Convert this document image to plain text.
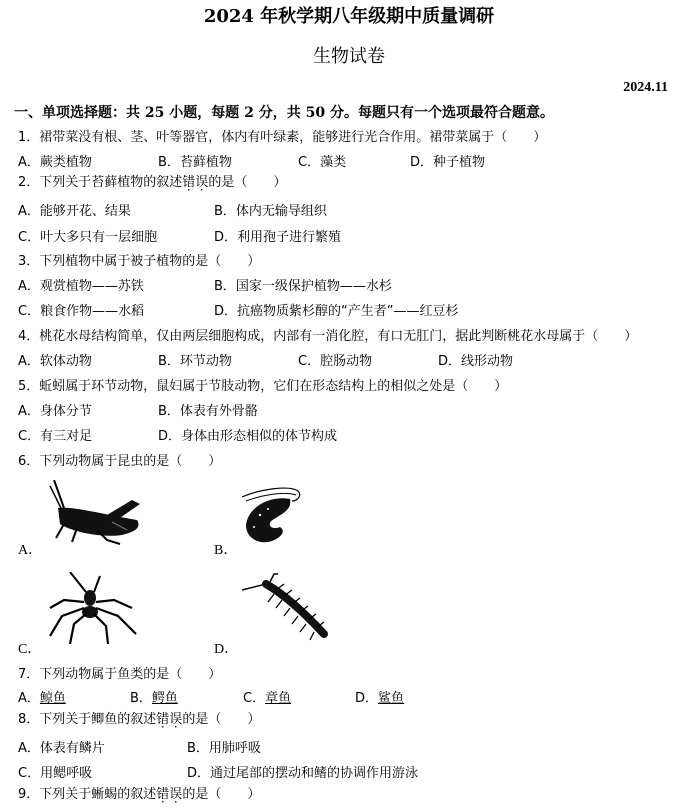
2024 年秋学期八年级期中质量调研
生物试卷
2024.11
一、单项选择题：共 25 小题，每题 2 分，共 50 分。每题只有一个选项最符合题意。
1．裙带菜没有根、茎、叶等器官，体内有叶绿素，能够进行光合作用。裙带菜属于（　　）
A．蕨类植物	B．苔藓植物	C．藻类	D．种子植物
2．下列关于苔藓植物的叙述错误的是（　　）
A．能够开花、结果	B．体内无输导组织
C．叶大多只有一层细胞	D．利用孢子进行繁殖
3．下列植物中属于被子植物的是（　　）
A．观赏植物——苏铁	B．国家一级保护植物——水杉
C．粮食作物——水稻	D．抗癌物质紫杉醇的“产生者”——红豆杉
4．桃花水母结构简单，仅由两层细胞构成，内部有一消化腔，有口无肛门，据此判断桃花水母属于（　　）
A．软体动物	B．环节动物	C．腔肠动物	D．线形动物
5．蚯蚓属于环节动物，鼠妇属于节肢动物，它们在形态结构上的相似之处是（　　）
A．身体分节	B．体表有外骨骼
C．有三对足	D．身体由形态相似的体节构成
6．下列动物属于昆虫的是（　　）
A．	B．
C．	D．
7．下列动物属于鱼类的是（　　）
A．鲸鱼	B．鳄鱼	C．章鱼	D．鲨鱼
8．下列关于鲫鱼的叙述错误的是（　　）
A．体表有鳞片	B．用肺呼吸
C．用鳃呼吸	D．通过尾部的摆动和鳍的协调作用游泳
9．下列关于蜥蜴的叙述错误的是（　　）
